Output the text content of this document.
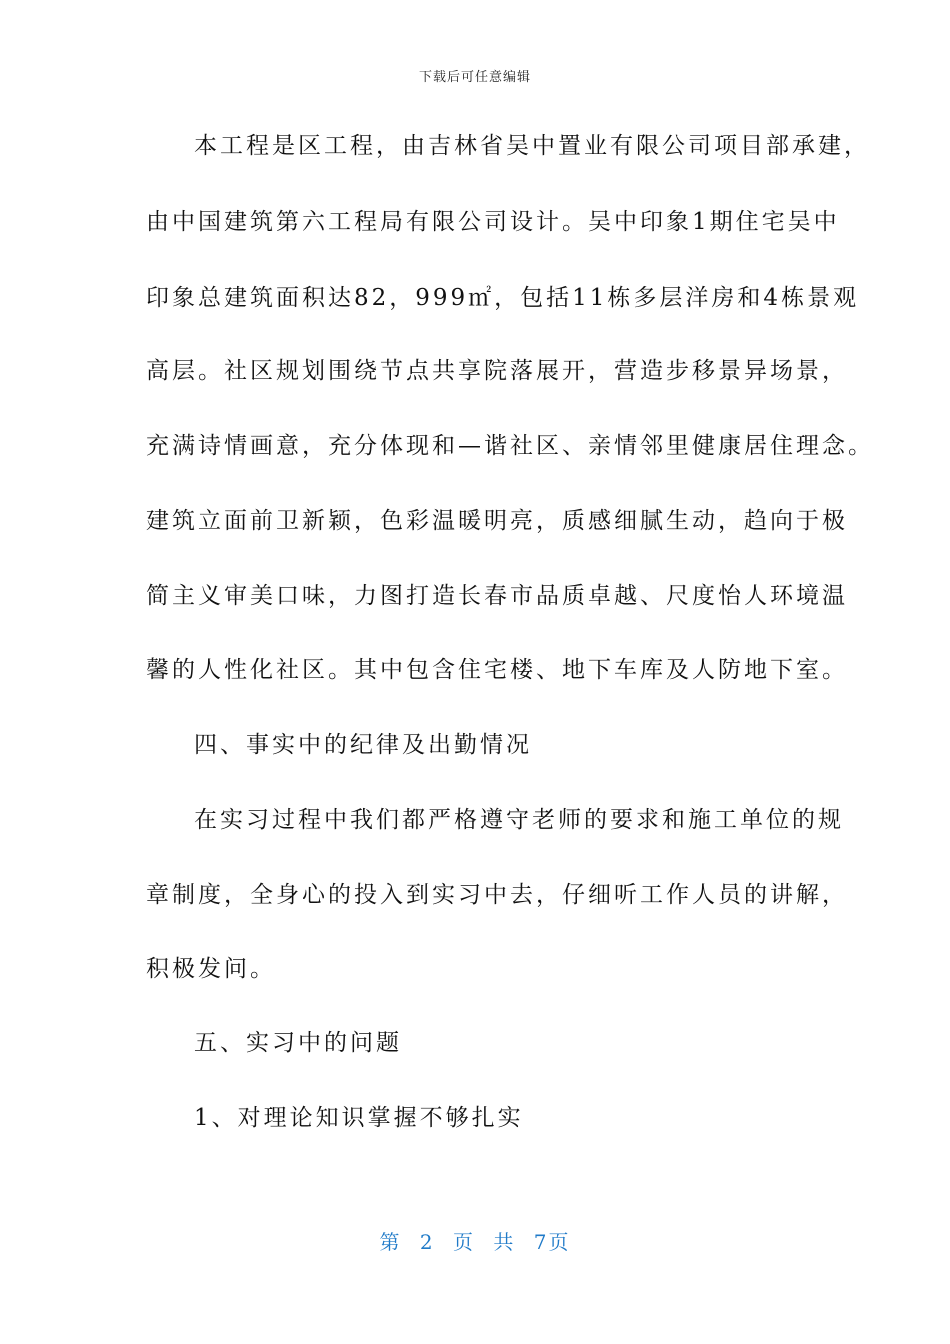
下载后可任意编辑
本工程是区工程，由吉林省吴中置业有限公司项目部承建，
由中国建筑第六工程局有限公司设计。吴中印象1期住宅吴中
印象总建筑面积达82，999㎡，包括11栋多层洋房和4栋景观
高层。社区规划围绕节点共享院落展开，营造步移景异场景，
充满诗情画意，充分体现和—谐社区、亲情邻里健康居住理念。
建筑立面前卫新颖，色彩温暖明亮，质感细腻生动，趋向于极
简主义审美口味，力图打造长春市品质卓越、尺度怡人环境温
馨的人性化社区。其中包含住宅楼、地下车库及人防地下室。
四、事实中的纪律及出勤情况
在实习过程中我们都严格遵守老师的要求和施工单位的规
章制度，全身心的投入到实习中去，仔细听工作人员的讲解，
积极发问。
五、实习中的问题
1、对理论知识掌握不够扎实
第 2 页 共 7页
